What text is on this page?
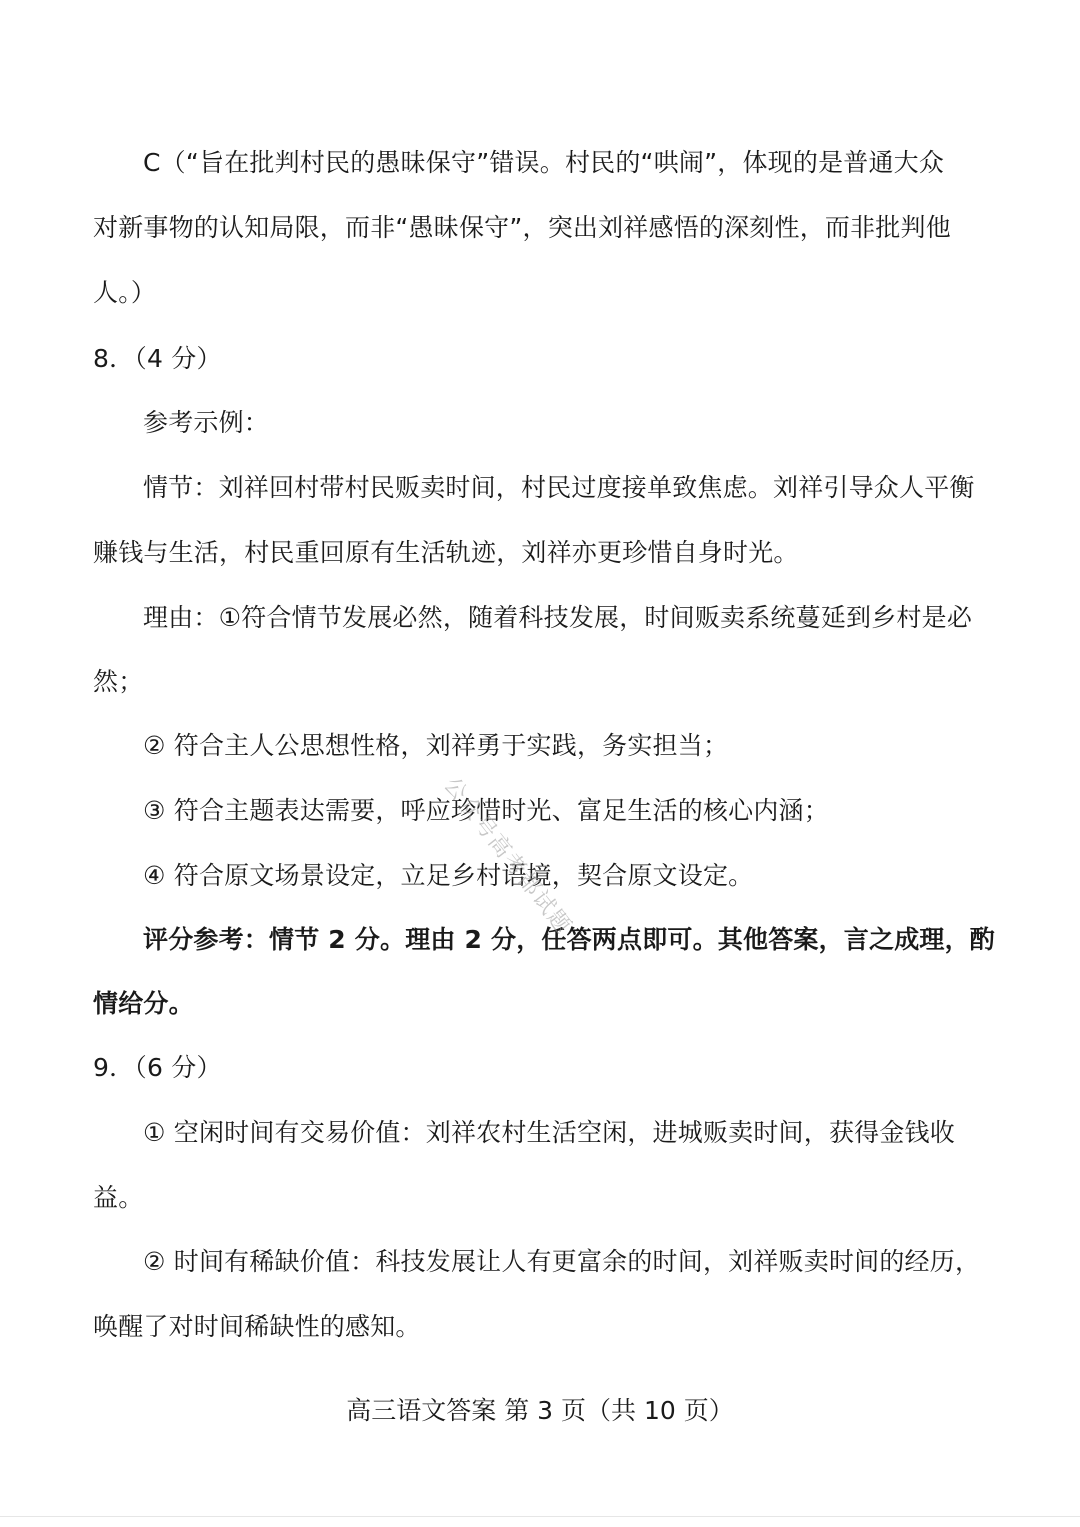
C（“旨在批判村民的愚昧保守”错误。村民的“哄闹”，体现的是普通大众
对新事物的认知局限，而非“愚昧保守”，突出刘祥感悟的深刻性，而非批判他
人。）
8．（4 分）
参考示例：
情节：刘祥回村带村民贩卖时间，村民过度接单致焦虑。刘祥引导众人平衡
赚钱与生活，村民重回原有生活轨迹，刘祥亦更珍惜自身时光。
理由：①符合情节发展必然，随着科技发展，时间贩卖系统蔓延到乡村是必
然；
② 符合主人公思想性格，刘祥勇于实践，务实担当；
③ 符合主题表达需要，呼应珍惜时光、富足生活的核心内涵；
④ 符合原文场景设定，立足乡村语境，契合原文设定。
评分参考：情节 2 分。理由 2 分，任答两点即可。其他答案，言之成理，酌
情给分。
9．（6 分）
① 空闲时间有交易价值：刘祥农村生活空闲，进城贩卖时间，获得金钱收
益。
② 时间有稀缺价值：科技发展让人有更富余的时间，刘祥贩卖时间的经历，
唤醒了对时间稀缺性的感知。
高三语文答案 第 3 页（共 10 页）
公众号高考都试题
